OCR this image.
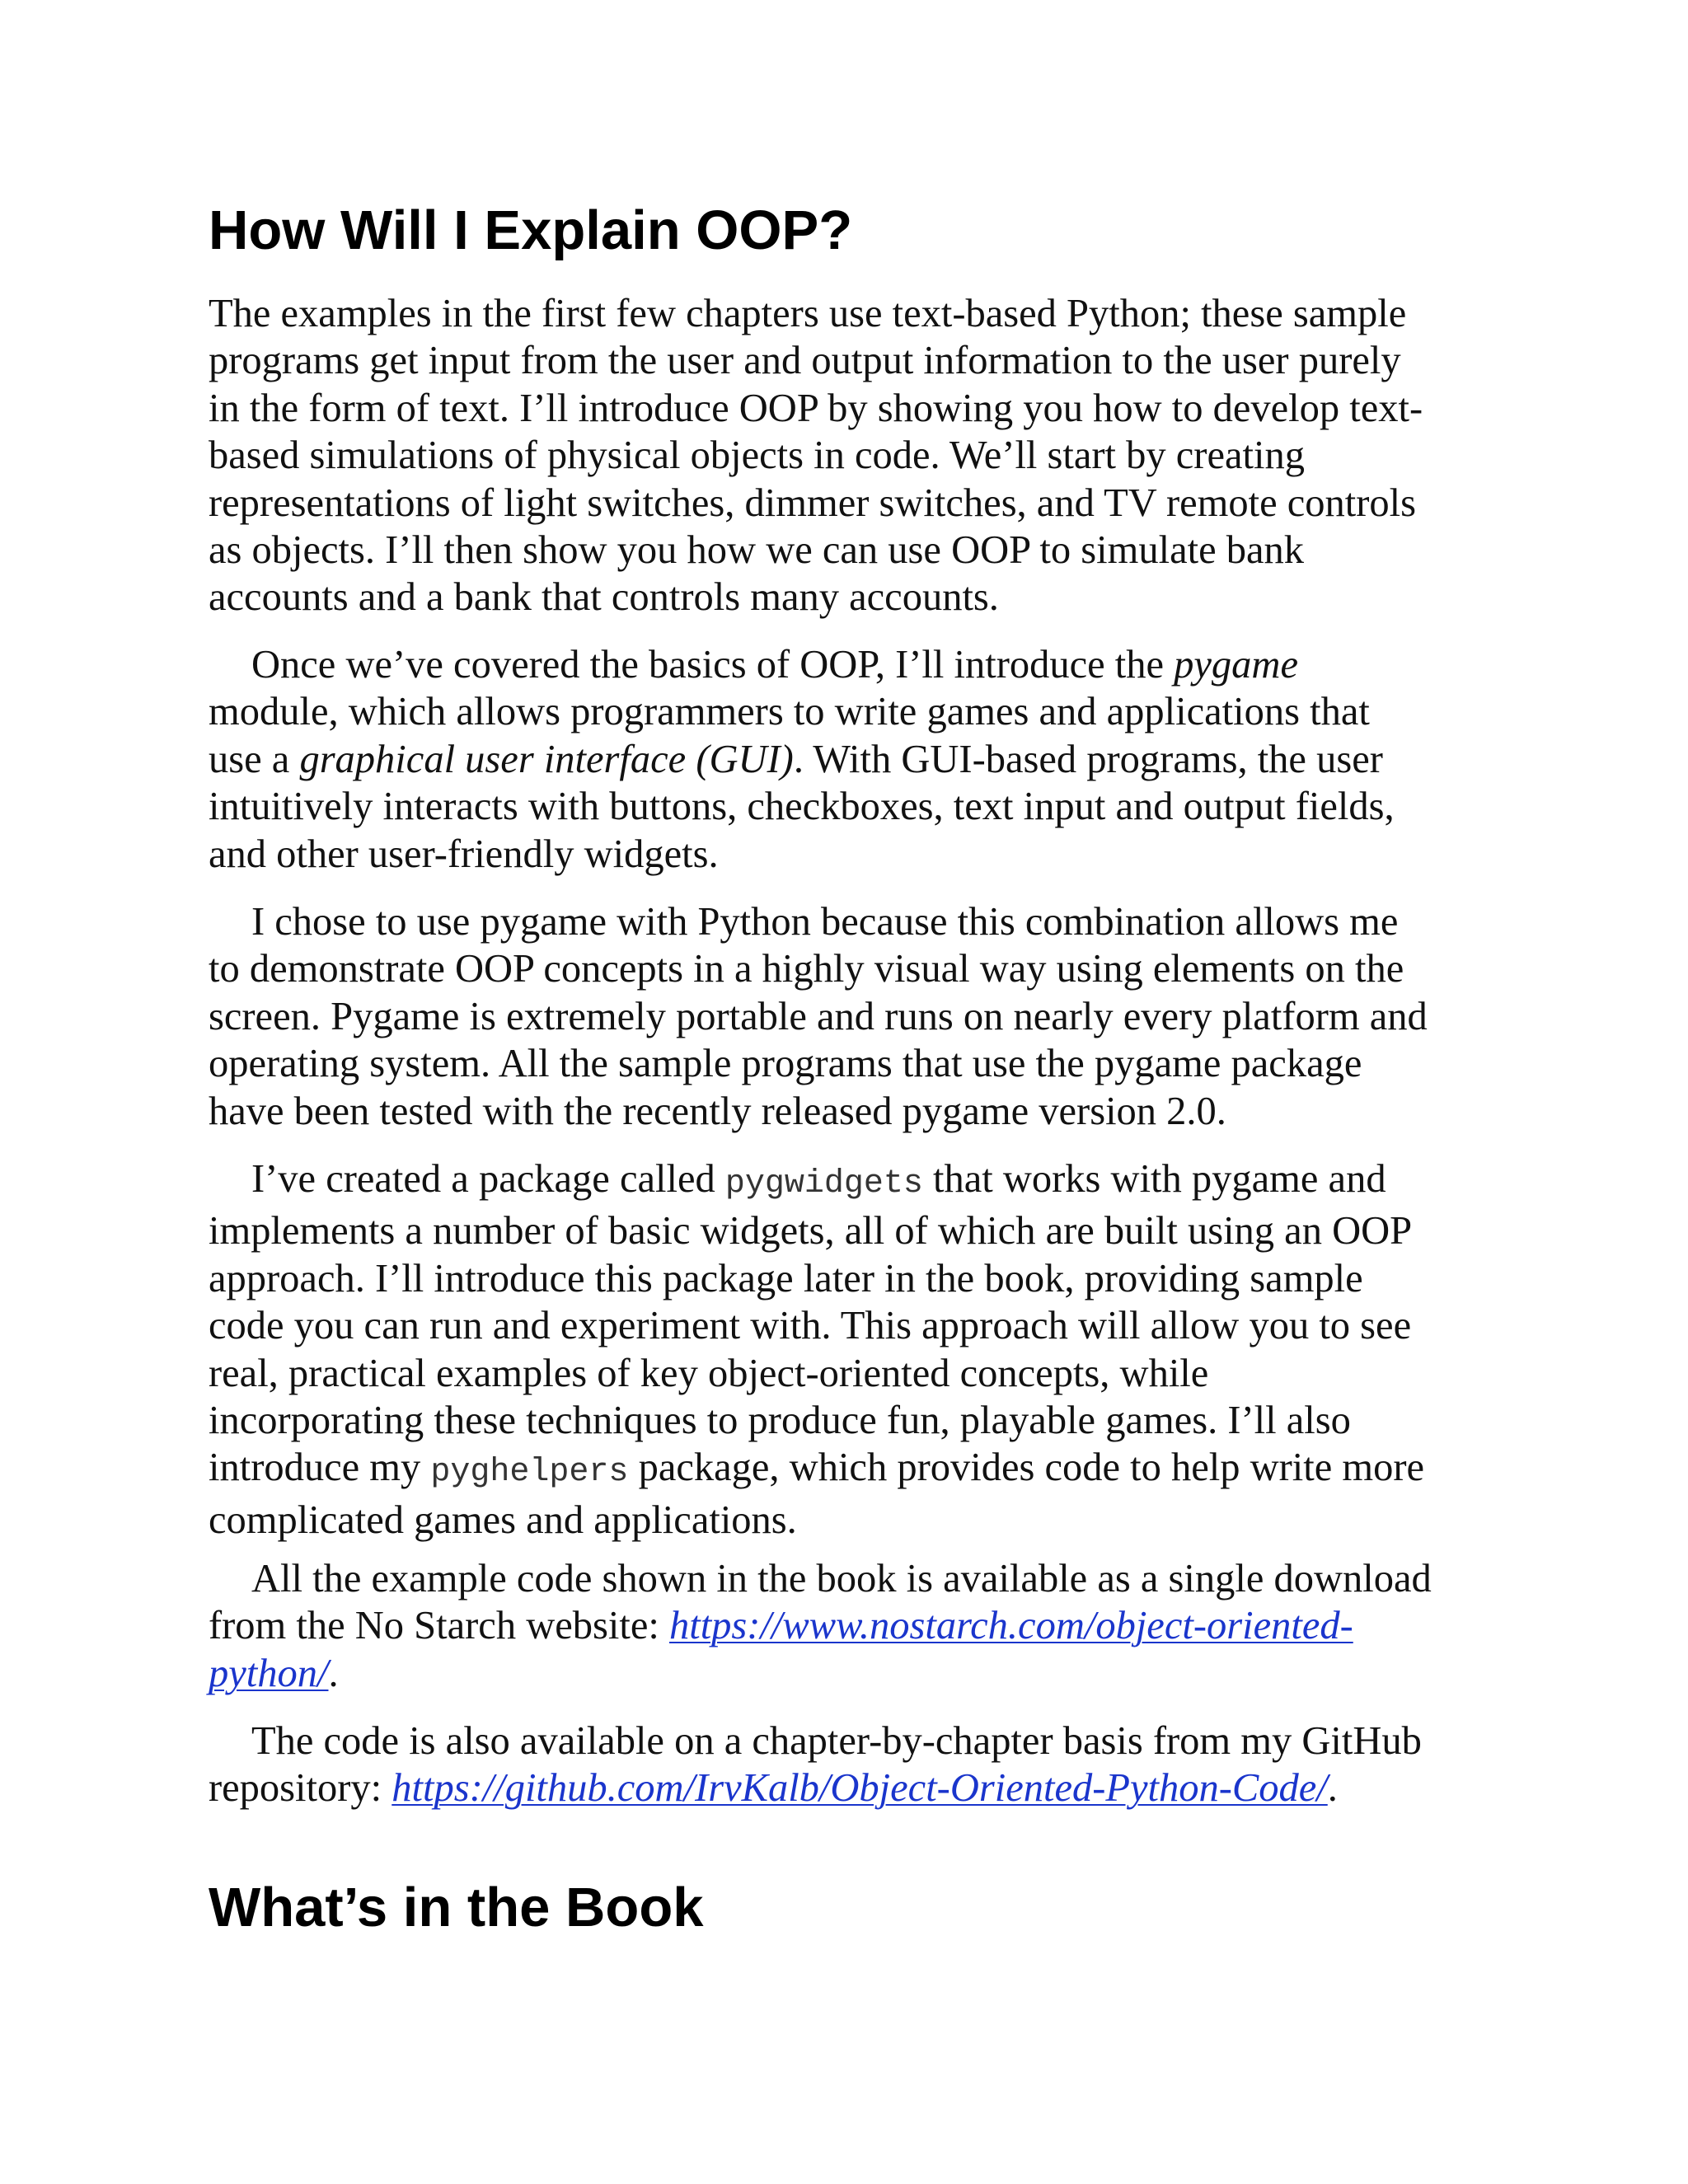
How Will I Explain OOP?

The examples in the first few chapters use text-based Python; these sample
programs get input from the user and output information to the user purely
in the form of text. I’ll introduce OOP by showing you how to develop text-
based simulations of physical objects in code. We’ll start by creating
representations of light switches, dimmer switches, and TV remote controls
as objects. I’ll then show you how we can use OOP to simulate bank
accounts and a bank that controls many accounts.

Once we’ve covered the basics of OOP, I’ll introduce the pygame
module, which allows programmers to write games and applications that
use a graphical user interface (GUI). With GUI-based programs, the user
intuitively interacts with buttons, checkboxes, text input and output fields,
and other user-friendly widgets.

I chose to use pygame with Python because this combination allows me
to demonstrate OOP concepts in a highly visual way using elements on the
screen. Pygame is extremely portable and runs on nearly every platform and
operating system. All the sample programs that use the pygame package
have been tested with the recently released pygame version 2.0.

I’ve created a package called pygwidgets that works with pygame and
implements a number of basic widgets, all of which are built using an OOP
approach. I’ll introduce this package later in the book, providing sample
code you can run and experiment with. This approach will allow you to see
real, practical examples of key object-oriented concepts, while
incorporating these techniques to produce fun, playable games. I’ll also
introduce my pyghelpers package, which provides code to help write more
complicated games and applications.

All the example code shown in the book is available as a single download
from the No Starch website: https://www.nostarch.com/object-oriented-
python/.

The code is also available on a chapter-by-chapter basis from my GitHub
repository: https://github.com/IrvKalb/Object-Oriented-Python-Code/.

What’s in the Book
